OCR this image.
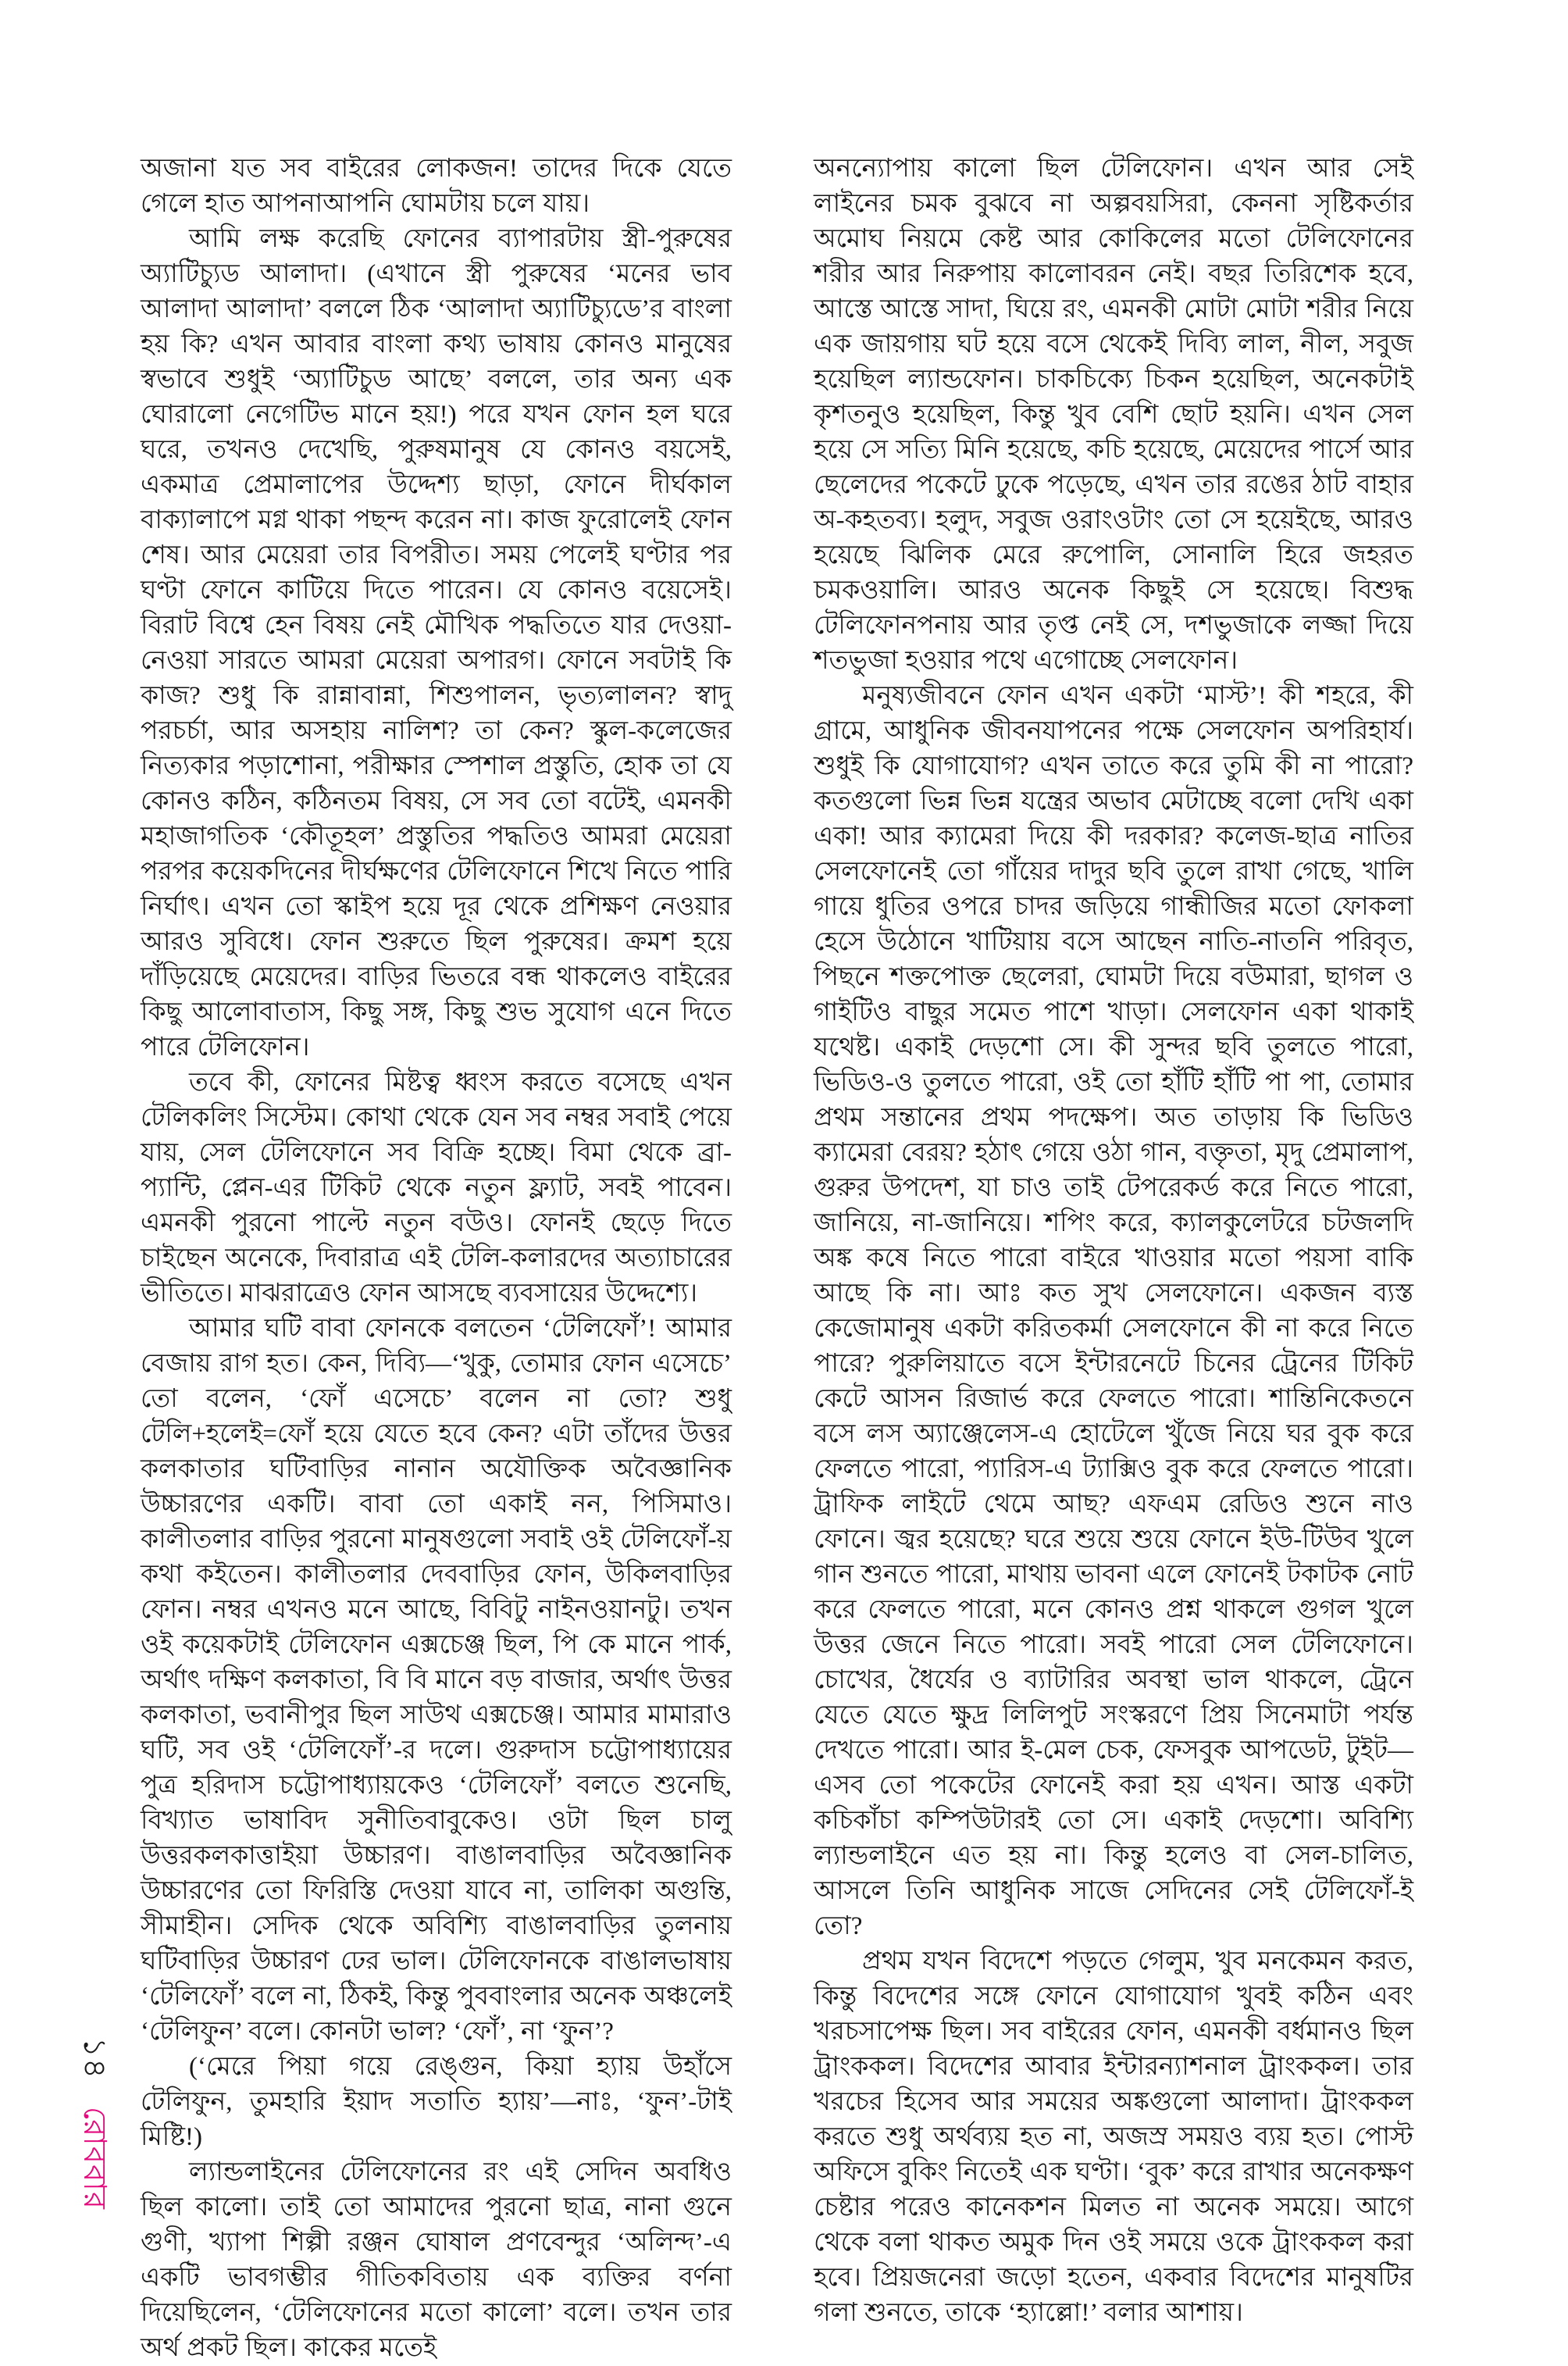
১৪ রোববার

অজানা যত সব বাইরের লোকজন! তাদের দিকে যেতে গেলে হাত আপনাআপনি ঘোমটায় চলে যায়।

আমি লক্ষ করেছি ফোনের ব্যাপারটায় স্ত্রী-পুরুষের অ্যাটিচ্যুড আলাদা। (এখানে স্ত্রী পুরুষের ‘মনের ভাব আলাদা আলাদা’ বললে ঠিক ‘আলাদা অ্যাটিচ্যুডে’র বাংলা হয় কি? এখন আবার বাংলা কথ্য ভাষায় কোনও মানুষের স্বভাবে শুধুই ‘অ্যাটিচুড আছে’ বললে, তার অন্য এক ঘোরালো নেগেটিভ মানে হয়!) পরে যখন ফোন হল ঘরে ঘরে, তখনও দেখেছি, পুরুষমানুষ যে কোনও বয়সেই, একমাত্র প্রেমালাপের উদ্দেশ্য ছাড়া, ফোনে দীর্ঘকাল বাক্যালাপে মগ্ন থাকা পছন্দ করেন না। কাজ ফুরোলেই ফোন শেষ। আর মেয়েরা তার বিপরীত। সময় পেলেই ঘণ্টার পর ঘণ্টা ফোনে কাটিয়ে দিতে পারেন। যে কোনও বয়েসেই। বিরাট বিশ্বে হেন বিষয় নেই মৌখিক পদ্ধতিতে যার দেওয়া-নেওয়া সারতে আমরা মেয়েরা অপারগ। ফোনে সবটাই কি কাজ? শুধু কি রান্নাবান্না, শিশুপালন, ভৃত্যলালন? স্বাদু পরচর্চা, আর অসহায় নালিশ? তা কেন? স্কুল-কলেজের নিত্যকার পড়াশোনা, পরীক্ষার স্পেশাল প্রস্তুতি, হোক তা যে কোনও কঠিন, কঠিনতম বিষয়, সে সব তো বটেই, এমনকী মহাজাগতিক ‘কৌতূহল’ প্রস্তুতির পদ্ধতিও আমরা মেয়েরা পরপর কয়েকদিনের দীর্ঘক্ষণের টেলিফোনে শিখে নিতে পারি নির্ঘাৎ। এখন তো স্কাইপ হয়ে দূর থেকে প্রশিক্ষণ নেওয়ার আরও সুবিধে। ফোন শুরুতে ছিল পুরুষের। ক্রমশ হয়ে দাঁড়িয়েছে মেয়েদের। বাড়ির ভিতরে বন্ধ থাকলেও বাইরের কিছু আলোবাতাস, কিছু সঙ্গ, কিছু শুভ সুযোগ এনে দিতে পারে টেলিফোন।

তবে কী, ফোনের মিষ্টত্ব ধ্বংস করতে বসেছে এখন টেলিকলিং সিস্টেম। কোথা থেকে যেন সব নম্বর সবাই পেয়ে যায়, সেল টেলিফোনে সব বিক্রি হচ্ছে। বিমা থেকে ব্রা-প্যান্টি, প্লেন-এর টিকিট থেকে নতুন ফ্ল্যাট, সবই পাবেন। এমনকী পুরনো পাল্টে নতুন বউও। ফোনই ছেড়ে দিতে চাইছেন অনেকে, দিবারাত্র এই টেলি-কলারদের অত্যাচারের ভীতিতে। মাঝরাত্রেও ফোন আসছে ব্যবসায়ের উদ্দেশ্যে।

আমার ঘটি বাবা ফোনকে বলতেন ‘টেলিফোঁ’! আমার বেজায় রাগ হত। কেন, দিব্যি—‘খুকু, তোমার ফোন এসেচে’ তো বলেন, ‘ফোঁ এসেচে’ বলেন না তো? শুধু টেলি+হলেই=ফোঁ হয়ে যেতে হবে কেন? এটা তাঁদের উত্তর কলকাতার ঘটিবাড়ির নানান অযৌক্তিক অবৈজ্ঞানিক উচ্চারণের একটি। বাবা তো একাই নন, পিসিমাও। কালীতলার বাড়ির পুরনো মানুষগুলো সবাই ওই টেলিফোঁ-য় কথা কইতেন। কালীতলার দেববাড়ির ফোন, উকিলবাড়ির ফোন। নম্বর এখনও মনে আছে, বিবিটু নাইনওয়ানটু। তখন ওই কয়েকটাই টেলিফোন এক্সচেঞ্জ ছিল, পি কে মানে পার্ক, অর্থাৎ দক্ষিণ কলকাতা, বি বি মানে বড় বাজার, অর্থাৎ উত্তর কলকাতা, ভবানীপুর ছিল সাউথ এক্সচেঞ্জ। আমার মামারাও ঘটি, সব ওই ‘টেলিফোঁ’-র দলে। গুরুদাস চট্টোপাধ্যায়ের পুত্র হরিদাস চট্টোপাধ্যায়কেও ‘টেলিফোঁ’ বলতে শুনেছি, বিখ্যাত ভাষাবিদ সুনীতিবাবুকেও। ওটা ছিল চালু উত্তরকলকাত্তাইয়া উচ্চারণ। বাঙালবাড়ির অবৈজ্ঞানিক উচ্চারণের তো ফিরিস্তি দেওয়া যাবে না, তালিকা অগুন্তি, সীমাহীন। সেদিক থেকে অবিশ্যি বাঙালবাড়ির তুলনায় ঘটিবাড়ির উচ্চারণ ঢের ভাল। টেলিফোনকে বাঙালভাষায় ‘টেলিফোঁ’ বলে না, ঠিকই, কিন্তু পুববাংলার অনেক অঞ্চলেই ‘টেলিফুন’ বলে। কোনটা ভাল? ‘ফোঁ’, না ‘ফুন’?

(‘মেরে পিয়া গয়ে রেঙ্গুন, কিয়া হ্যায় উহাঁসে টেলিফুন, তুমহারি ইয়াদ সতাতি হ্যায়’—নাঃ, ‘ফুন’-টাই মিষ্টি!)

ল্যান্ডলাইনের টেলিফোনের রং এই সেদিন অবধিও ছিল কালো। তাই তো আমাদের পুরনো ছাত্র, নানা গুনে গুণী, খ্যাপা শিল্পী রঞ্জন ঘোষাল প্রণবেন্দুর ‘অলিন্দ’-এ একটি ভাবগম্ভীর গীতিকবিতায় এক ব্যক্তির বর্ণনা দিয়েছিলেন, ‘টেলিফোনের মতো কালো’ বলে। তখন তার অর্থ প্রকট ছিল। কাকের মতেই

অনন্যোপায় কালো ছিল টেলিফোন। এখন আর সেই লাইনের চমক বুঝবে না অল্পবয়সিরা, কেননা সৃষ্টিকর্তার অমোঘ নিয়মে কেষ্ট আর কোকিলের মতো টেলিফোনের শরীর আর নিরুপায় কালোবরন নেই। বছর তিরিশেক হবে, আস্তে আস্তে সাদা, ঘিয়ে রং, এমনকী মোটা মোটা শরীর নিয়ে এক জায়গায় ঘট হয়ে বসে থেকেই দিব্যি লাল, নীল, সবুজ হয়েছিল ল্যান্ডফোন। চাকচিক্যে চিকন হয়েছিল, অনেকটাই কৃশতনুও হয়েছিল, কিন্তু খুব বেশি ছোট হয়নি। এখন সেল হয়ে সে সত্যি মিনি হয়েছে, কচি হয়েছে, মেয়েদের পার্সে আর ছেলেদের পকেটে ঢুকে পড়েছে, এখন তার রঙের ঠাট বাহার অ-কহতব্য। হলুদ, সবুজ ওরাংওটাং তো সে হয়েইছে, আরও হয়েছে ঝিলিক মেরে রুপোলি, সোনালি হিরে জহরত চমকওয়ালি। আরও অনেক কিছুই সে হয়েছে। বিশুদ্ধ টেলিফোনপনায় আর তৃপ্ত নেই সে, দশভুজাকে লজ্জা দিয়ে শতভুজা হওয়ার পথে এগোচ্ছে সেলফোন।

মনুষ্যজীবনে ফোন এখন একটা ‘মাস্ট’! কী শহরে, কী গ্রামে, আধুনিক জীবনযাপনের পক্ষে সেলফোন অপরিহার্য। শুধুই কি যোগাযোগ? এখন তাতে করে তুমি কী না পারো? কতগুলো ভিন্ন ভিন্ন যন্ত্রের অভাব মেটাচ্ছে বলো দেখি একা একা! আর ক্যামেরা দিয়ে কী দরকার? কলেজ-ছাত্র নাতির সেলফোনেই তো গাঁয়ের দাদুর ছবি তুলে রাখা গেছে, খালি গায়ে ধুতির ওপরে চাদর জড়িয়ে গান্ধীজির মতো ফোকলা হেসে উঠোনে খাটিয়ায় বসে আছেন নাতি-নাতনি পরিবৃত, পিছনে শক্তপোক্ত ছেলেরা, ঘোমটা দিয়ে বউমারা, ছাগল ও গাইটিও বাছুর সমেত পাশে খাড়া। সেলফোন একা থাকাই যথেষ্ট। একাই দেড়শো সে। কী সুন্দর ছবি তুলতে পারো, ভিডিও-ও তুলতে পারো, ওই তো হাঁটি হাঁটি পা পা, তোমার প্রথম সন্তানের প্রথম পদক্ষেপ। অত তাড়ায় কি ভিডিও ক্যামেরা বেরয়? হঠাৎ গেয়ে ওঠা গান, বক্তৃতা, মৃদু প্রেমালাপ, গুরুর উপদেশ, যা চাও তাই টেপরেকর্ড করে নিতে পারো, জানিয়ে, না-জানিয়ে। শপিং করে, ক্যালকুলেটরে চটজলদি অঙ্ক কষে নিতে পারো বাইরে খাওয়ার মতো পয়সা বাকি আছে কি না। আঃ কত সুখ সেলফোনে। একজন ব্যস্ত কেজোমানুষ একটা করিতকর্মা সেলফোনে কী না করে নিতে পারে? পুরুলিয়াতে বসে ইন্টারনেটে চিনের ট্রেনের টিকিট কেটে আসন রিজার্ভ করে ফেলতে পারো। শান্তিনিকেতনে বসে লস অ্যাঞ্জেলেস-এ হোটেলে খুঁজে নিয়ে ঘর বুক করে ফেলতে পারো, প্যারিস-এ ট্যাক্সিও বুক করে ফেলতে পারো। ট্রাফিক লাইটে থেমে আছ? এফএম রেডিও শুনে নাও ফোনে। জ্বর হয়েছে? ঘরে শুয়ে শুয়ে ফোনে ইউ-টিউব খুলে গান শুনতে পারো, মাথায় ভাবনা এলে ফোনেই টকাটক নোট করে ফেলতে পারো, মনে কোনও প্রশ্ন থাকলে গুগল খুলে উত্তর জেনে নিতে পারো। সবই পারো সেল টেলিফোনে। চোখের, ধৈর্যের ও ব্যাটারির অবস্থা ভাল থাকলে, ট্রেনে যেতে যেতে ক্ষুদ্র লিলিপুট সংস্করণে প্রিয় সিনেমাটা পর্যন্ত দেখতে পারো। আর ই-মেল চেক, ফেসবুক আপডেট, টুইট—এসব তো পকেটের ফোনেই করা হয় এখন। আস্ত একটা কচিকাঁচা কম্পিউটারই তো সে। একাই দেড়শো। অবিশ্যি ল্যান্ডলাইনে এত হয় না। কিন্তু হলেও বা সেল-চালিত, আসলে তিনি আধুনিক সাজে সেদিনের সেই টেলিফোঁ-ই তো?

প্রথম যখন বিদেশে পড়তে গেলুম, খুব মনকেমন করত, কিন্তু বিদেশের সঙ্গে ফোনে যোগাযোগ খুবই কঠিন এবং খরচসাপেক্ষ ছিল। সব বাইরের ফোন, এমনকী বর্ধমানও ছিল ট্রাংককল। বিদেশের আবার ইন্টারন্যাশনাল ট্রাংককল। তার খরচের হিসেব আর সময়ের অঙ্কগুলো আলাদা। ট্রাংককল করতে শুধু অর্থব্যয় হত না, অজস্র সময়ও ব্যয় হত। পোস্ট অফিসে বুকিং নিতেই এক ঘণ্টা। ‘বুক’ করে রাখার অনেকক্ষণ চেষ্টার পরেও কানেকশন মিলত না অনেক সময়ে। আগে থেকে বলা থাকত অমুক দিন ওই সময়ে ওকে ট্রাংককল করা হবে। প্রিয়জনেরা জড়ো হতেন, একবার বিদেশের মানুষটির গলা শুনতে, তাকে ‘হ্যাল্লো!’ বলার আশায়।
